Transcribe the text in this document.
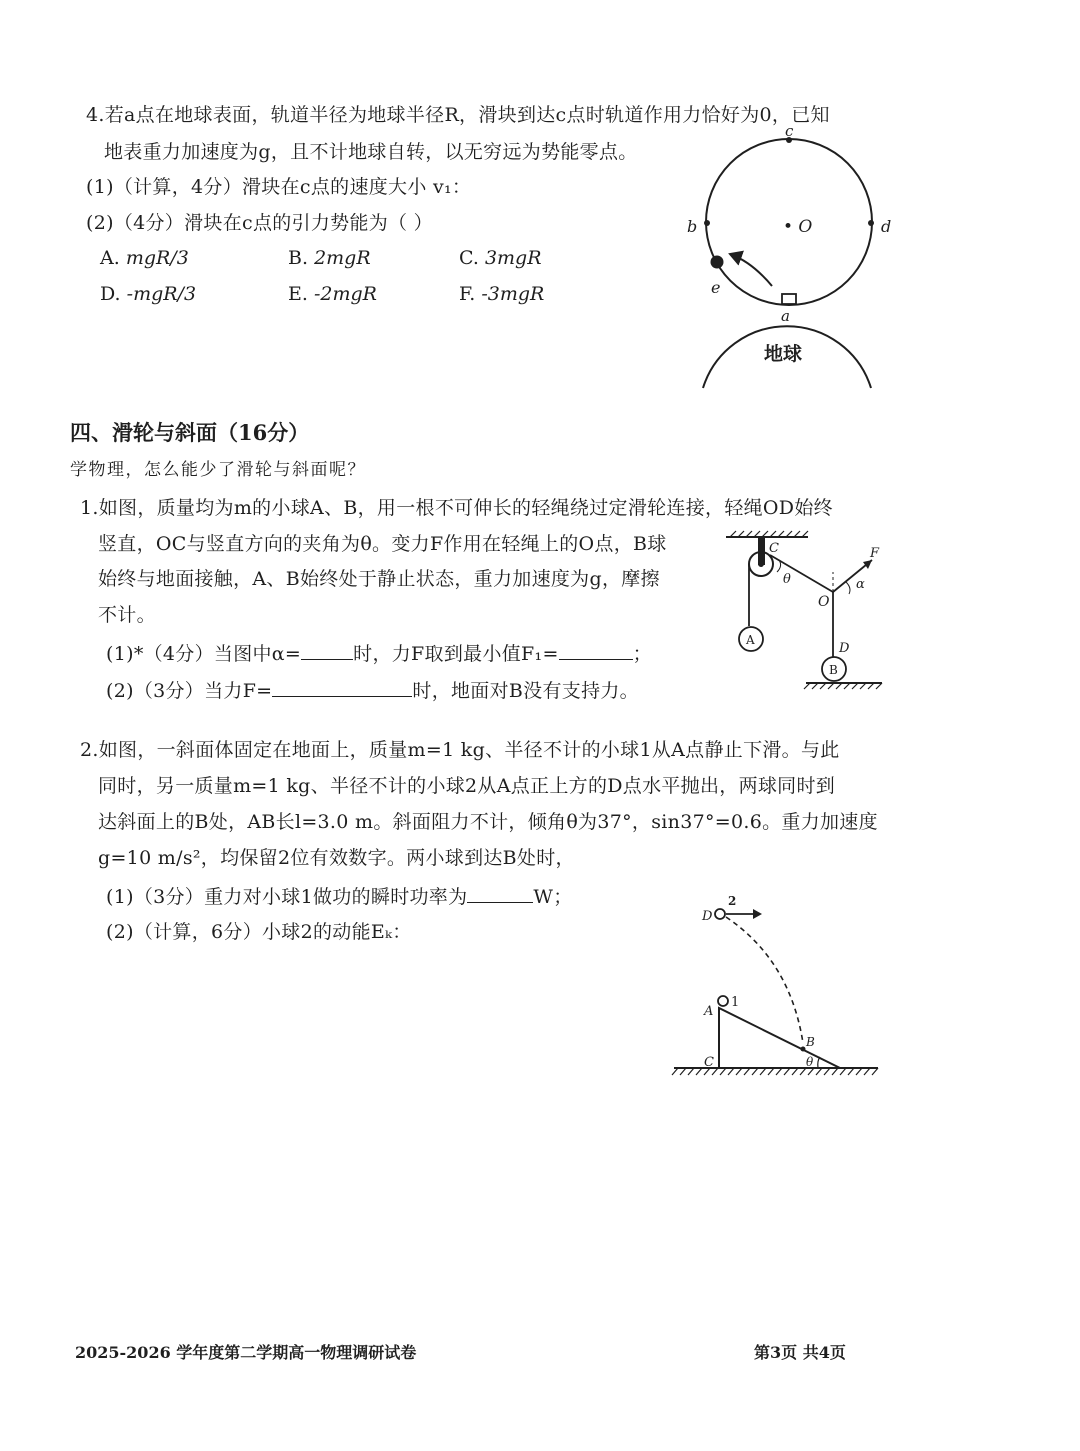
4.若a点在地球表面，轨道半径为地球半径R，滑块到达c点时轨道作用力恰好为0，已知
地表重力加速度为g，且不计地球自转，以无穷远为势能零点。
(1)（计算，4分）滑块在c点的速度大小 v₁：
(2)（4分）滑块在c点的引力势能为（ ）
A. mgR/3	B. 2mgR	C. 3mgR
D. -mgR/3	E. -2mgR	F. -3mgR
c
b	• O	d
e
a
地球
四、滑轮与斜面（16分）
学物理，怎么能少了滑轮与斜面呢？
1.如图，质量均为m的小球A、B，用一根不可伸长的轻绳绕过定滑轮连接，轻绳OD始终
竖直，OC与竖直方向的夹角为θ。变力F作用在轻绳上的O点，B球
始终与地面接触，A、B始终处于静止状态，重力加速度为g，摩擦
不计。
(1)*（4分）当图中α=	时，力F取到最小值F₁=	；
(2)（3分）当力F=	时，地面对B没有支持力。
C
θ
F
α
O
A
D
B
2.如图，一斜面体固定在地面上，质量m=1 kg、半径不计的小球1从A点静止下滑。与此
同时，另一质量m=1 kg、半径不计的小球2从A点正上方的D点水平抛出，两球同时到
达斜面上的B处，AB长l=3.0 m。斜面阻力不计，倾角θ为37°，sin37°=0.6。重力加速度
g=10 m/s²，均保留2位有效数字。两小球到达B处时，
(1)（3分）重力对小球1做功的瞬时功率为	W；
(2)（计算，6分）小球2的动能Eₖ：
D
2
A
1
B
C	θ
2025-2026 学年度第二学期高一物理调研试卷	第3页 共4页
